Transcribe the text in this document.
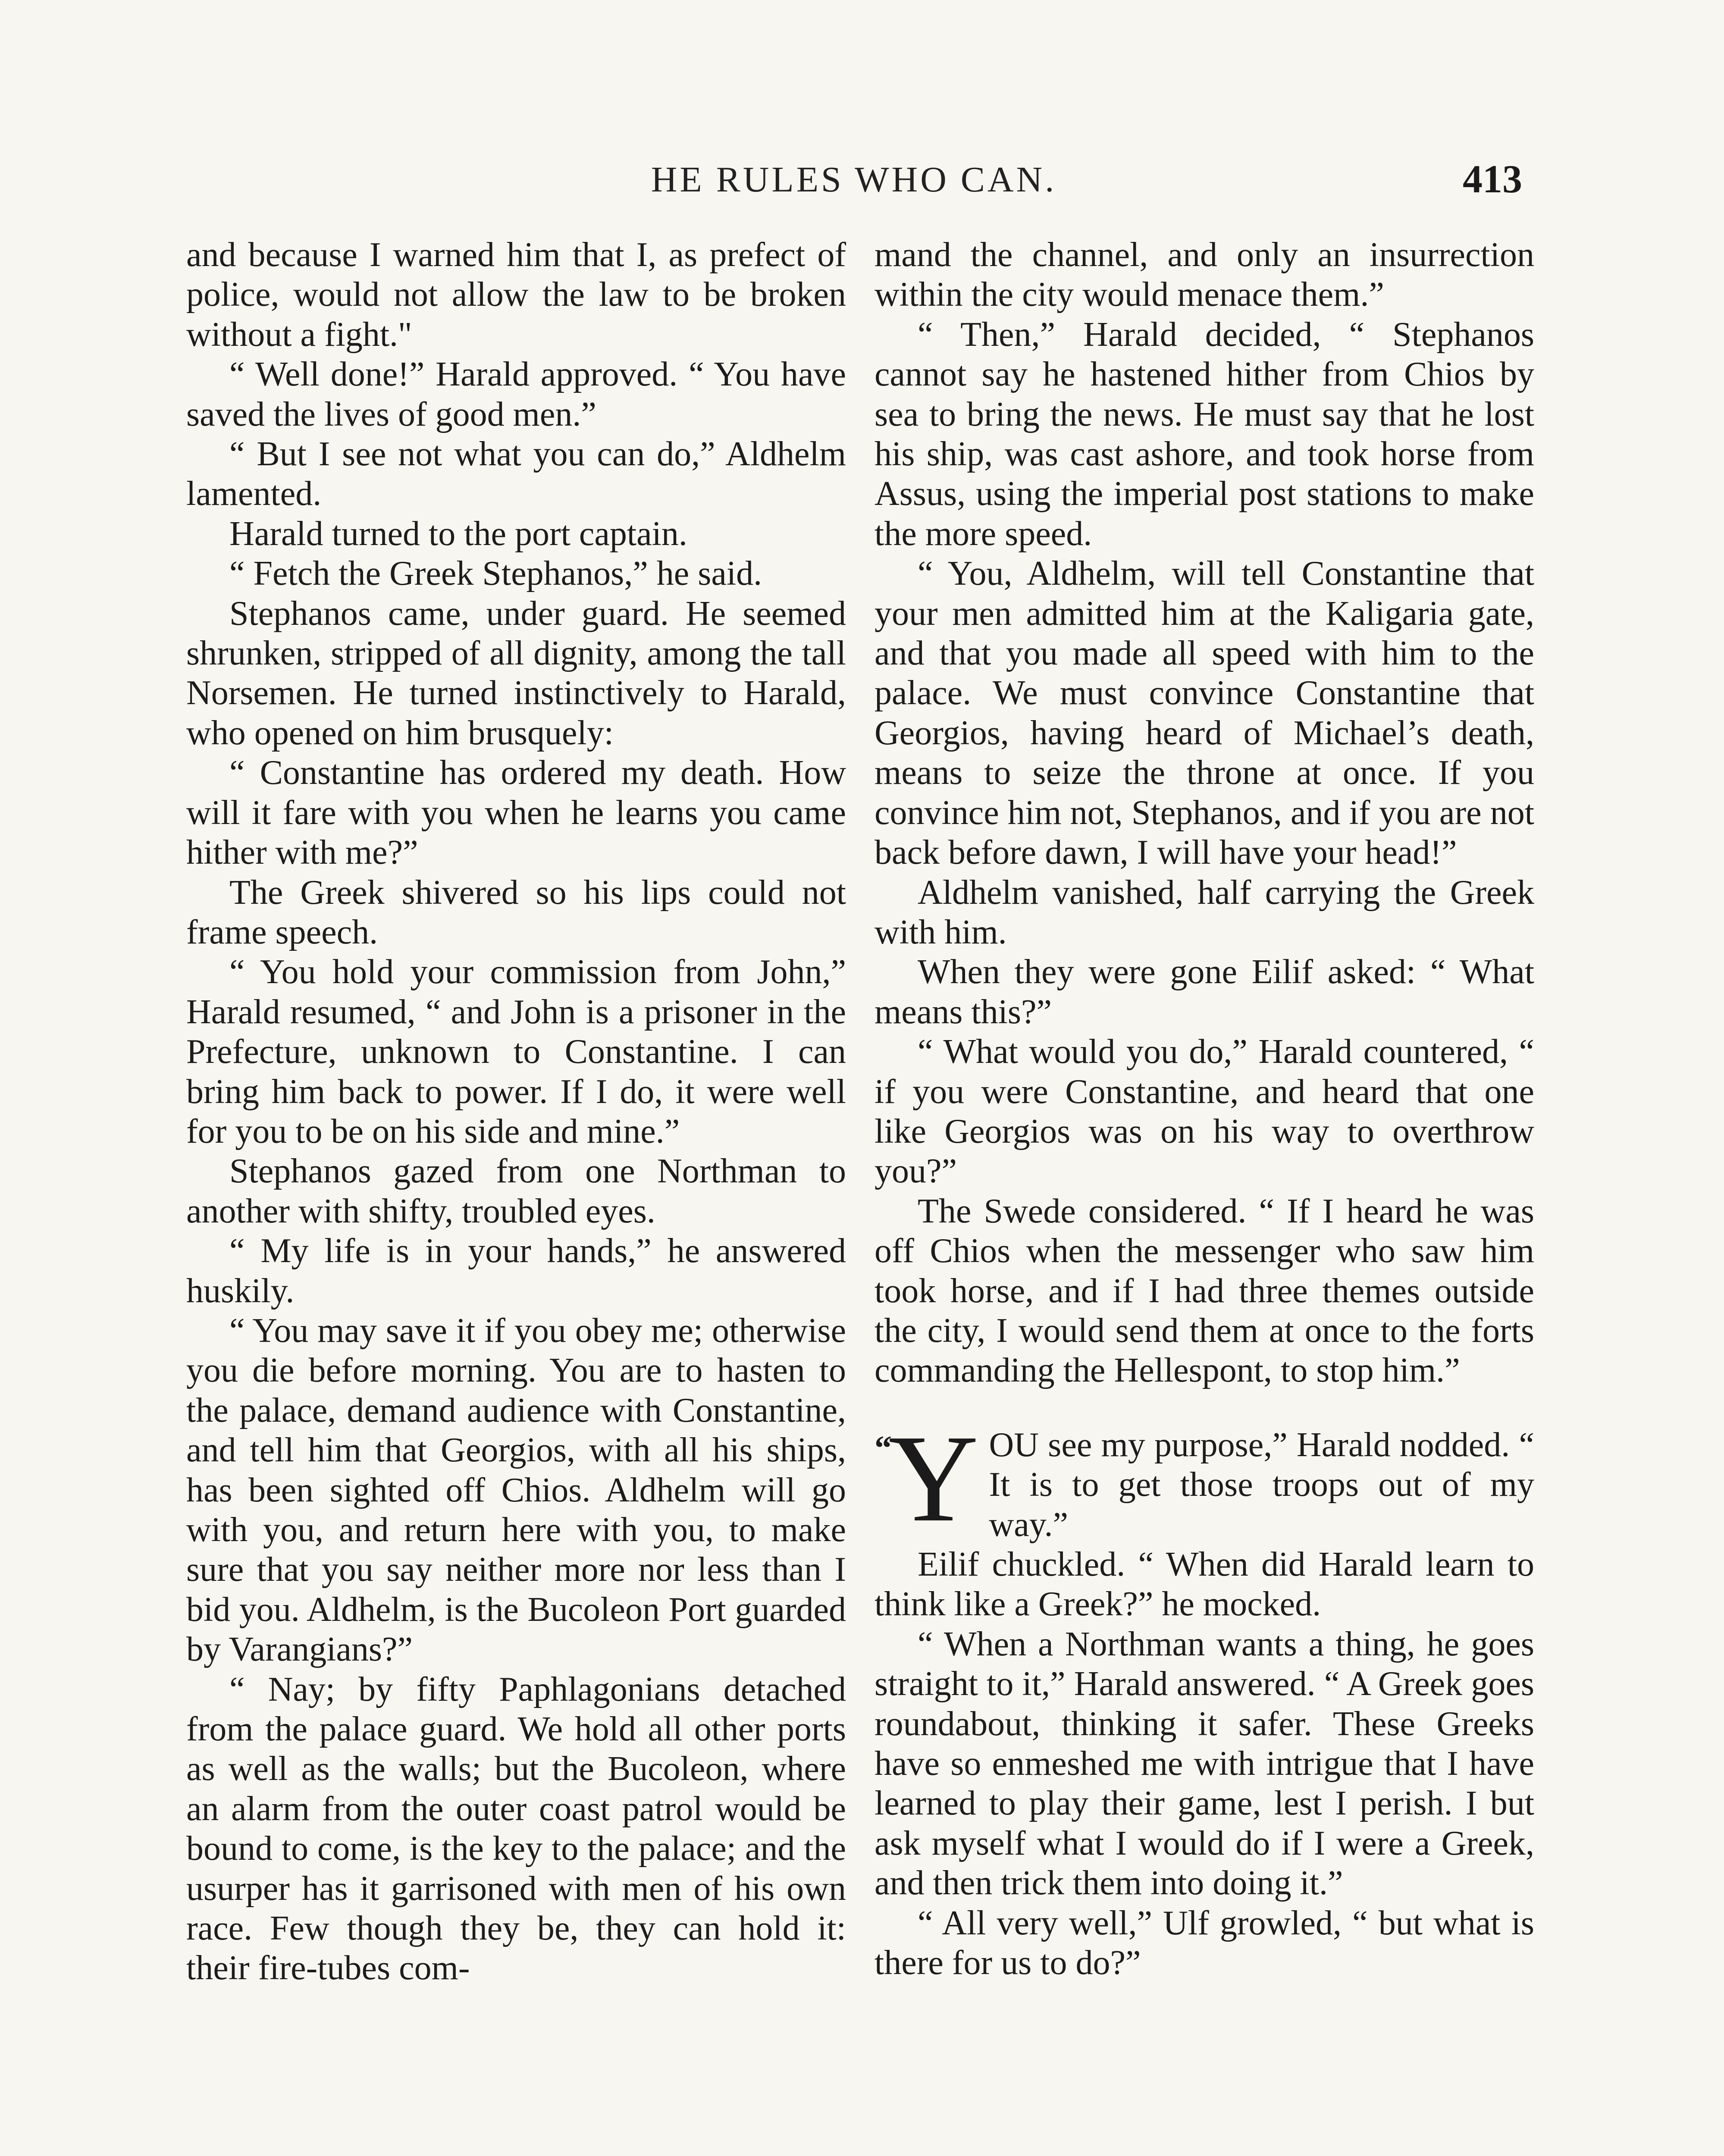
HE RULES WHO CAN.	413

and because I warned him that I, as prefect of police, would not allow the law to be broken without a fight."

“ Well done!” Harald approved. “ You have saved the lives of good men.”

“ But I see not what you can do,” Aldhelm lamented.

Harald turned to the port captain.

“ Fetch the Greek Stephanos,” he said.

Stephanos came, under guard. He seemed shrunken, stripped of all dignity, among the tall Norsemen. He turned instinctively to Harald, who opened on him brusquely:

“ Constantine has ordered my death. How will it fare with you when he learns you came hither with me?”

The Greek shivered so his lips could not frame speech.

“ You hold your commission from John,” Harald resumed, “ and John is a prisoner in the Prefecture, unknown to Constantine. I can bring him back to power. If I do, it were well for you to be on his side and mine.”

Stephanos gazed from one Northman to another with shifty, troubled eyes.

“ My life is in your hands,” he answered huskily.

“ You may save it if you obey me; otherwise you die before morning. You are to hasten to the palace, demand audience with Constantine, and tell him that Georgios, with all his ships, has been sighted off Chios. Aldhelm will go with you, and return here with you, to make sure that you say neither more nor less than I bid you. Aldhelm, is the Bucoleon Port guarded by Varangians?”

“ Nay; by fifty Paphlagonians detached from the palace guard. We hold all other ports as well as the walls; but the Bucoleon, where an alarm from the outer coast patrol would be bound to come, is the key to the palace; and the usurper has it garrisoned with men of his own race. Few though they be, they can hold it: their fire-tubes com-

mand the channel, and only an insurrection within the city would menace them.”

“ Then,” Harald decided, “ Stephanos cannot say he hastened hither from Chios by sea to bring the news. He must say that he lost his ship, was cast ashore, and took horse from Assus, using the imperial post stations to make the more speed.

“ You, Aldhelm, will tell Constantine that your men admitted him at the Kaligaria gate, and that you made all speed with him to the palace. We must convince Constantine that Georgios, having heard of Michael’s death, means to seize the throne at once. If you convince him not, Stephanos, and if you are not back before dawn, I will have your head!”

Aldhelm vanished, half carrying the Greek with him.

When they were gone Eilif asked: “ What means this?”

“ What would you do,” Harald countered, “ if you were Constantine, and heard that one like Georgios was on his way to overthrow you?”

The Swede considered. “ If I heard he was off Chios when the messenger who saw him took horse, and if I had three themes outside the city, I would send them at once to the forts commanding the Hellespont, to stop him.”

“
Y OU see my purpose,” Harald nodded. “ It is to get those troops out of my way.”

Eilif chuckled. “ When did Harald learn to think like a Greek?” he mocked.

“ When a Northman wants a thing, he goes straight to it,” Harald answered. “ A Greek goes roundabout, thinking it safer. These Greeks have so enmeshed me with intrigue that I have learned to play their game, lest I perish. I but ask myself what I would do if I were a Greek, and then trick them into doing it.”

“ All very well,” Ulf growled, “ but what is there for us to do?”
